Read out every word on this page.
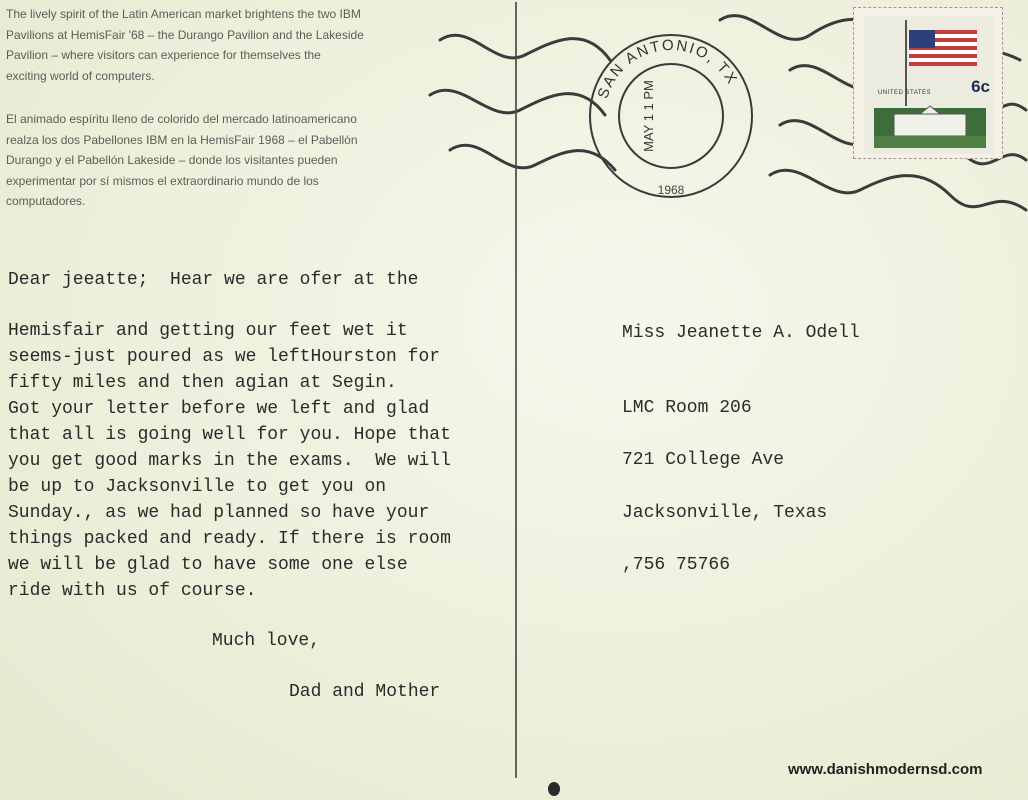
The lively spirit of the Latin American market brightens the two IBM
Pavilions at HemisFair '68 – the Durango Pavilion and the Lakeside
Pavilion – where visitors can experience for themselves the
exciting world of computers.
El animado espíritu lleno de colorido del mercado latinoamericano
realza los dos Pabellones IBM en la HemisFair 1968 – el Pabellón
Durango y el Pabellón Lakeside – donde los visitantes pueden
experimentar por sí mismos el extraordinario mundo de los
computadores.
SAN ANTONIO, TX
MAY 1 1 PM
1968
UNITED STATES 6c
Dear jeeatte;  Hear we are ofer at the
Hemisfair and getting our feet wet it
seems-just poured as we leftHourston for
fifty miles and then agian at Segin.
Got your letter before we left and glad
that all is going well for you. Hope that
you get good marks in the exams.  We will
be up to Jacksonville to get you on
Sunday., as we had planned so have your
things packed and ready. If there is room
we will be glad to have some one else
ride with us of course.
Much love,
Dad and Mother
Miss Jeanette A. Odell
LMC Room 206
721 College Ave
Jacksonville, Texas
,756 75766
www.danishmodernsd.com
